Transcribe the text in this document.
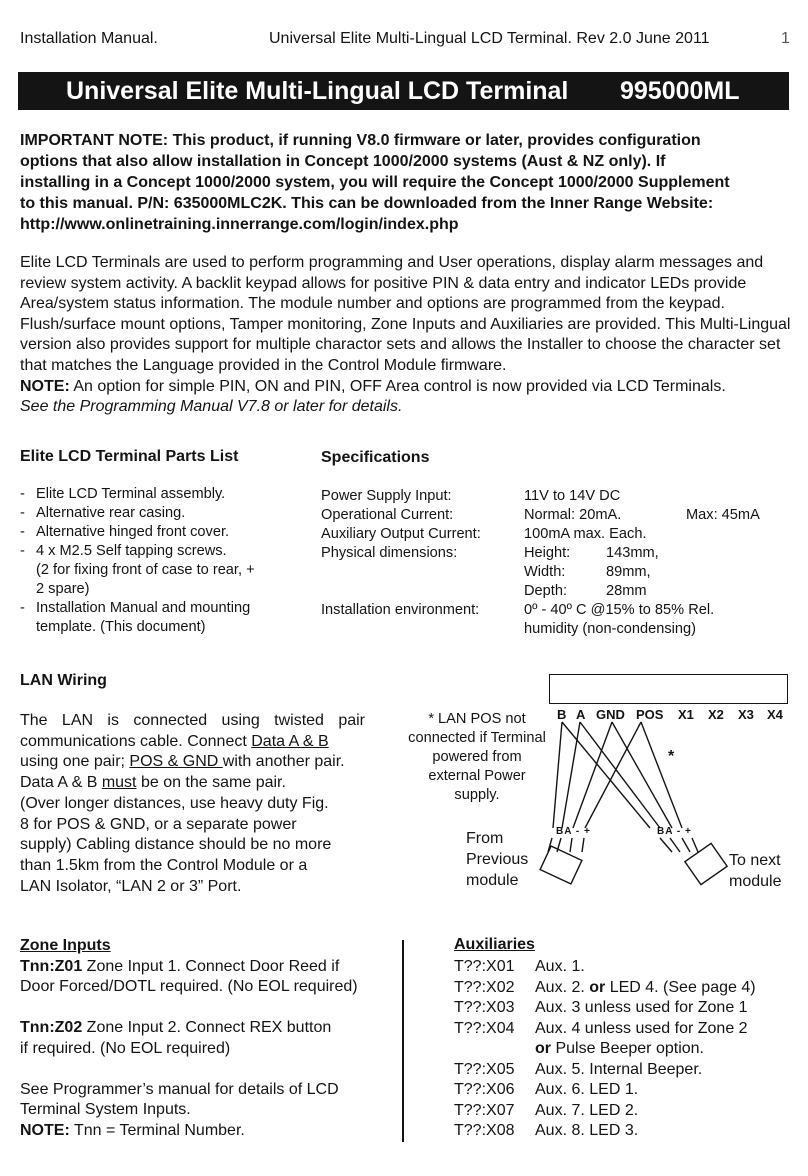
Installation Manual.	Universal Elite Multi-Lingual LCD Terminal. Rev 2.0 June 2011	1
Universal Elite Multi-Lingual LCD Terminal 995000ML
IMPORTANT NOTE: This product, if running V8.0 firmware or later, provides configuration
options that also allow installation in Concept 1000/2000 systems (Aust & NZ only). If
installing in a Concept 1000/2000 system, you will require the Concept 1000/2000 Supplement
to this manual. P/N: 635000MLC2K. This can be downloaded from the Inner Range Website:
http://www.onlinetraining.innerrange.com/login/index.php

Elite LCD Terminals are used to perform programming and User operations, display alarm messages and review system activity. A backlit keypad allows for positive PIN & data entry and indicator LEDs provide Area/system status information. The module number and options are programmed from the keypad. Flush/surface mount options, Tamper monitoring, Zone Inputs and Auxiliaries are provided. This Multi-Lingual version also provides support for multiple charactor sets and allows the Installer to choose the character set that matches the Language provided in the Control Module firmware.

NOTE: An option for simple PIN, ON and PIN, OFF Area control is now provided via LCD Terminals.

See the Programming Manual V7.8 or later for details.

Elite LCD Terminal Parts List
- Elite LCD Terminal assembly.
- Alternative rear casing.
- Alternative hinged front cover.
- 4 x M2.5 Self tapping screws.
(2 for fixing front of case to rear, +
2 spare)
- Installation Manual and mounting
template. (This document)
Specifications
Power Supply Input:	11V to 14V DC
Operational Current:	Normal: 20mA.	Max: 45mA
Auxiliary Output Current:	100mA max. Each.
Physical dimensions:	Height: 143mm,
Width:	89mm,
Depth:	28mm
Installation environment:	0º - 40º C @15% to 85% Rel.
humidity (non-condensing)
LAN Wiring

The LAN is connected using twisted pair

communications cable. Connect Data A & B

using one pair; POS & GND with another pair.

Data A & B must be on the same pair.

(Over longer distances, use heavy duty Fig.

8 for POS & GND, or a separate power

supply) Cabling distance should be no more

than 1.5km from the Control Module or a

LAN Isolator, “LAN 2 or 3” Port.

* LAN POS not connected if Terminal powered from external Power supply.
B A GND POS X1 X2 X3 X4
*
BA - +	BA - +
From
Previous
module
To next
module

Zone Inputs

Tnn:Z01 Zone Input 1. Connect Door Reed if

Door Forced/DOTL required. (No EOL required)

Tnn:Z02 Zone Input 2. Connect REX button

if required. (No EOL required)

See Programmer’s manual for details of LCD

Terminal System Inputs.

NOTE: Tnn = Terminal Number.

Auxiliaries
T??:X01 Aux. 1.
T??:X02 Aux. 2. or LED 4. (See page 4)
T??:X03 Aux. 3 unless used for Zone 1
T??:X04 Aux. 4 unless used for Zone 2
or Pulse Beeper option.
T??:X05 Aux. 5. Internal Beeper.
T??:X06 Aux. 6. LED 1.
T??:X07 Aux. 7. LED 2.
T??:X08 Aux. 8. LED 3.
